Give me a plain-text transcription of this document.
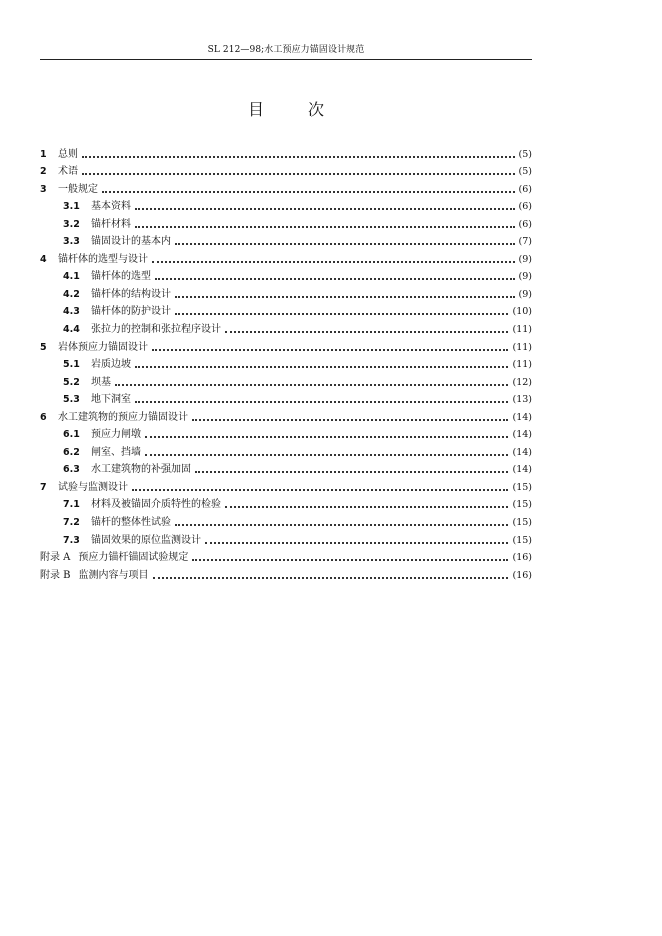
SL 212—98;水工预应力锚固设计规范
目　次
1	总则	(5)
2	术语	(5)
3	一般规定	(6)
3.1	基本资料	(6)
3.2	锚杆材料	(6)
3.3	锚固设计的基本内	(7)
4	锚杆体的选型与设计	(9)
4.1	锚杆体的选型	(9)
4.2	锚杆体的结构设计	(9)
4.3	锚杆体的防护设计	(10)
4.4	张拉力的控制和张拉程序设计	(11)
5	岩体预应力锚固设计	(11)
5.1	岩质边坡	(11)
5.2	坝基	(12)
5.3	地下洞室	(13)
6	水工建筑物的预应力锚固设计	(14)
6.1	预应力闸墩	(14)
6.2	闸室、挡墙	(14)
6.3	水工建筑物的补强加固	(14)
7	试验与监测设计	(15)
7.1	材料及被锚固介质特性的检验	(15)
7.2	锚杆的整体性试验	(15)
7.3	锚固效果的原位监测设计	(15)
附录 A 预应力锚杆锚固试验规定	(16)
附录 B 监测内容与项目	(16)
